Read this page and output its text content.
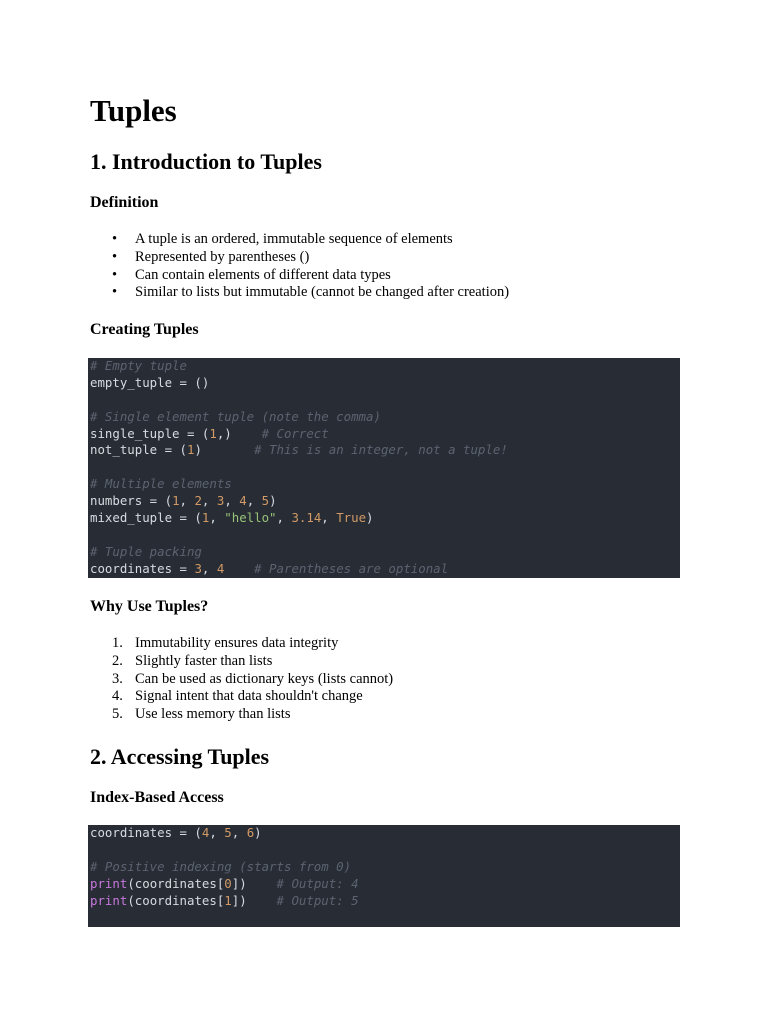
Tuples
1. Introduction to Tuples
Definition
• A tuple is an ordered, immutable sequence of elements
• Represented by parentheses ()
• Can contain elements of different data types
• Similar to lists but immutable (cannot be changed after creation)
Creating Tuples
# Empty tuple
empty_tuple = ()

# Single element tuple (note the comma)
single_tuple = (1,)    # Correct
not_tuple = (1)       # This is an integer, not a tuple!

# Multiple elements
numbers = (1, 2, 3, 4, 5)
mixed_tuple = (1, "hello", 3.14, True)

# Tuple packing
coordinates = 3, 4 # Parentheses are optional
Why Use Tuples?
1. Immutability ensures data integrity
2. Slightly faster than lists
3. Can be used as dictionary keys (lists cannot)
4. Signal intent that data shouldn't change
5. Use less memory than lists
2. Accessing Tuples
Index-Based Access
coordinates = (4, 5, 6)

# Positive indexing (starts from 0)
print(coordinates[0])    # Output: 4
print(coordinates[1])    # Output: 5
